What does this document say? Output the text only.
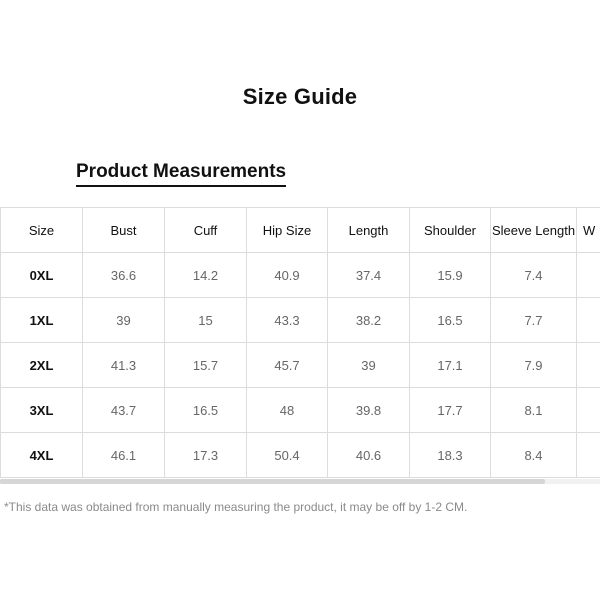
Size Guide
Product Measurements
Size	Bust	Cuff	Hip Size	Length	Shoulder	Sleeve Length	W
0XL	36.6	14.2	40.9	37.4	15.9	7.4	
1XL	39	15	43.3	38.2	16.5	7.7	
2XL	41.3	15.7	45.7	39	17.1	7.9	
3XL	43.7	16.5	48	39.8	17.7	8.1	
4XL	46.1	17.3	50.4	40.6	18.3	8.4	
*This data was obtained from manually measuring the product, it may be off by 1-2 CM.
